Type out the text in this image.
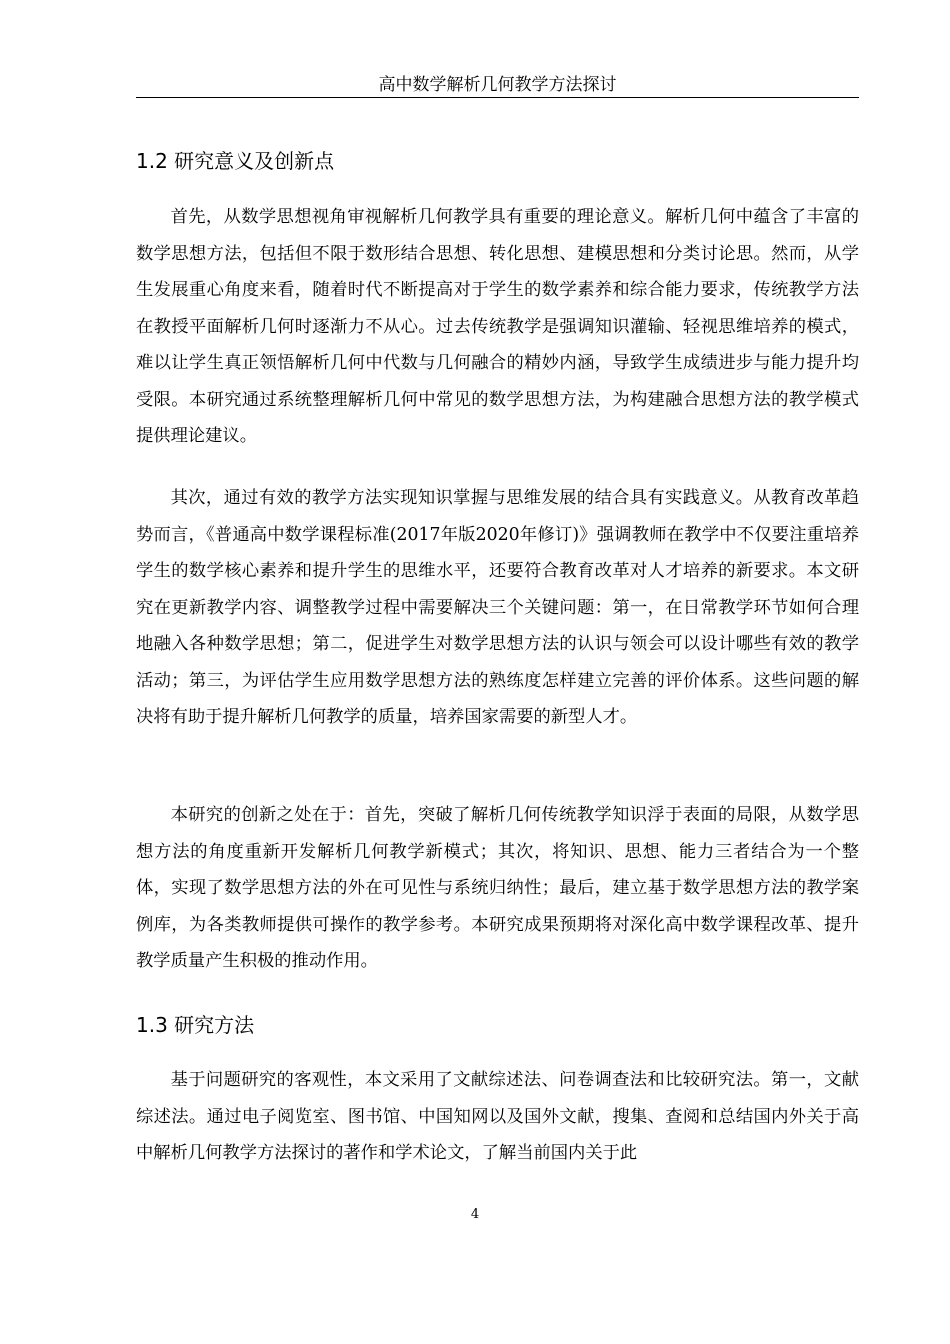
高中数学解析几何教学方法探讨
1.2 研究意义及创新点

首先，从数学思想视角审视解析几何教学具有重要的理论意义。解析几何中蕴含了丰富的数学思想方法，包括但不限于数形结合思想、转化思想、建模思想和分类讨论思。然而，从学生发展重心角度来看，随着时代不断提高对于学生的数学素养和综合能力要求，传统教学方法在教授平面解析几何时逐渐力不从心。过去传统教学是强调知识灌输、轻视思维培养的模式，难以让学生真正领悟解析几何中代数与几何融合的精妙内涵，导致学生成绩进步与能力提升均受限。本研究通过系统整理解析几何中常见的数学思想方法，为构建融合思想方法的教学模式提供理论建议。

其次，通过有效的教学方法实现知识掌握与思维发展的结合具有实践意义。从教育改革趋势而言，《普通高中数学课程标准(2017年版2020年修订)》强调教师在教学中不仅要注重培养学生的数学核心素养和提升学生的思维水平，还要符合教育改革对人才培养的新要求。本文研究在更新教学内容、调整教学过程中需要解决三个关键问题：第一，在日常教学环节如何合理地融入各种数学思想；第二，促进学生对数学思想方法的认识与领会可以设计哪些有效的教学活动；第三，为评估学生应用数学思想方法的熟练度怎样建立完善的评价体系。这些问题的解决将有助于提升解析几何教学的质量，培养国家需要的新型人才。

本研究的创新之处在于：首先，突破了解析几何传统教学知识浮于表面的局限，从数学思想方法的角度重新开发解析几何教学新模式；其次，将知识、思想、能力三者结合为一个整体，实现了数学思想方法的外在可见性与系统归纳性；最后，建立基于数学思想方法的教学案例库，为各类教师提供可操作的教学参考。本研究成果预期将对深化高中数学课程改革、提升教学质量产生积极的推动作用。

1.3 研究方法

基于问题研究的客观性，本文采用了文献综述法、问卷调查法和比较研究法。第一，文献综述法。通过电子阅览室、图书馆、中国知网以及国外文献，搜集、查阅和总结国内外关于高中解析几何教学方法探讨的著作和学术论文，了解当前国内关于此

4
